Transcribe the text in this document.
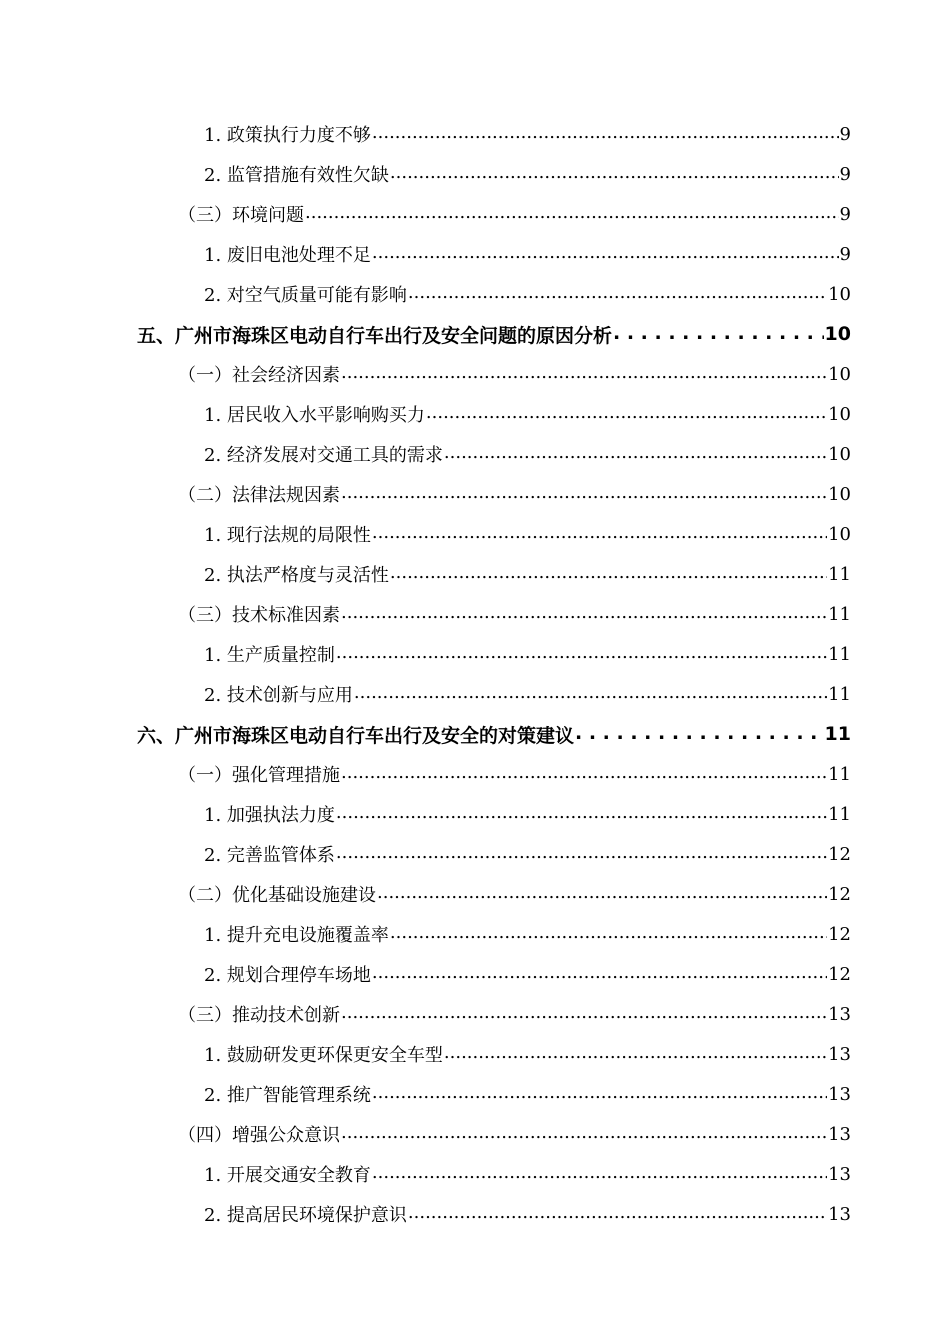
1. 政策执行力度不够 .....	9
2. 监管措施有效性欠缺 .....	9
（三）环境问题 .....	9
1. 废旧电池处理不足 .....	9
2. 对空气质量可能有影响 .....	10
五、广州市海珠区电动自行车出行及安全问题的原因分析 . . .	10
（一）社会经济因素 .....	10
1. 居民收入水平影响购买力 .....	10
2. 经济发展对交通工具的需求 .....	10
（二）法律法规因素 .....	10
1. 现行法规的局限性 .....	10
2. 执法严格度与灵活性 .....	11
（三）技术标准因素 .....	11
1. 生产质量控制 .....	11
2. 技术创新与应用 .....	11
六、广州市海珠区电动自行车出行及安全的对策建议 . . .	11
（一）强化管理措施 .....	11
1. 加强执法力度 .....	11
2. 完善监管体系 .....	12
（二）优化基础设施建设 .....	12
1. 提升充电设施覆盖率 .....	12
2. 规划合理停车场地 .....	12
（三）推动技术创新 .....	13
1. 鼓励研发更环保更安全车型 .....	13
2. 推广智能管理系统 .....	13
（四）增强公众意识 .....	13
1. 开展交通安全教育 .....	13
2. 提高居民环境保护意识 .....	13
